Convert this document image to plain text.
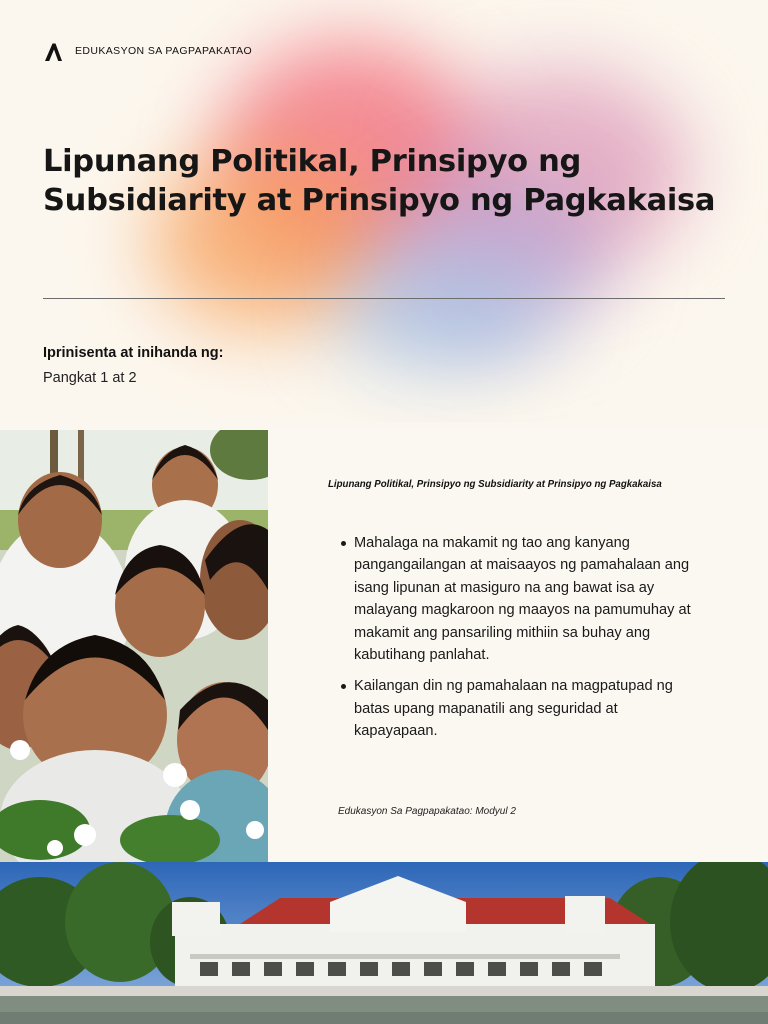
EDUKASYON SA PAGPAPAKATAO
Lipunang Politikal, Prinsipyo ng Subsidiarity at Prinsipyo ng Pagkakaisa
Iprinisenta at inihanda ng:
Pangkat 1 at 2
Lipunang Politikal, Prinsipyo ng Subsidiarity at Prinsipyo ng Pagkakaisa
Mahalaga na makamit ng tao ang kanyang pangangailangan at maisaayos ng pamahalaan ang isang lipunan at masiguro na ang bawat isa ay malayang magkaroon ng maayos na pamumuhay at makamit ang pansariling mithiin sa buhay ang kabutihang panlahat.
Kailangan din ng pamahalaan na magpatupad ng batas upang mapanatili ang seguridad at kapayapaan.
Edukasyon Sa Pagpapakatao: Modyul 2
